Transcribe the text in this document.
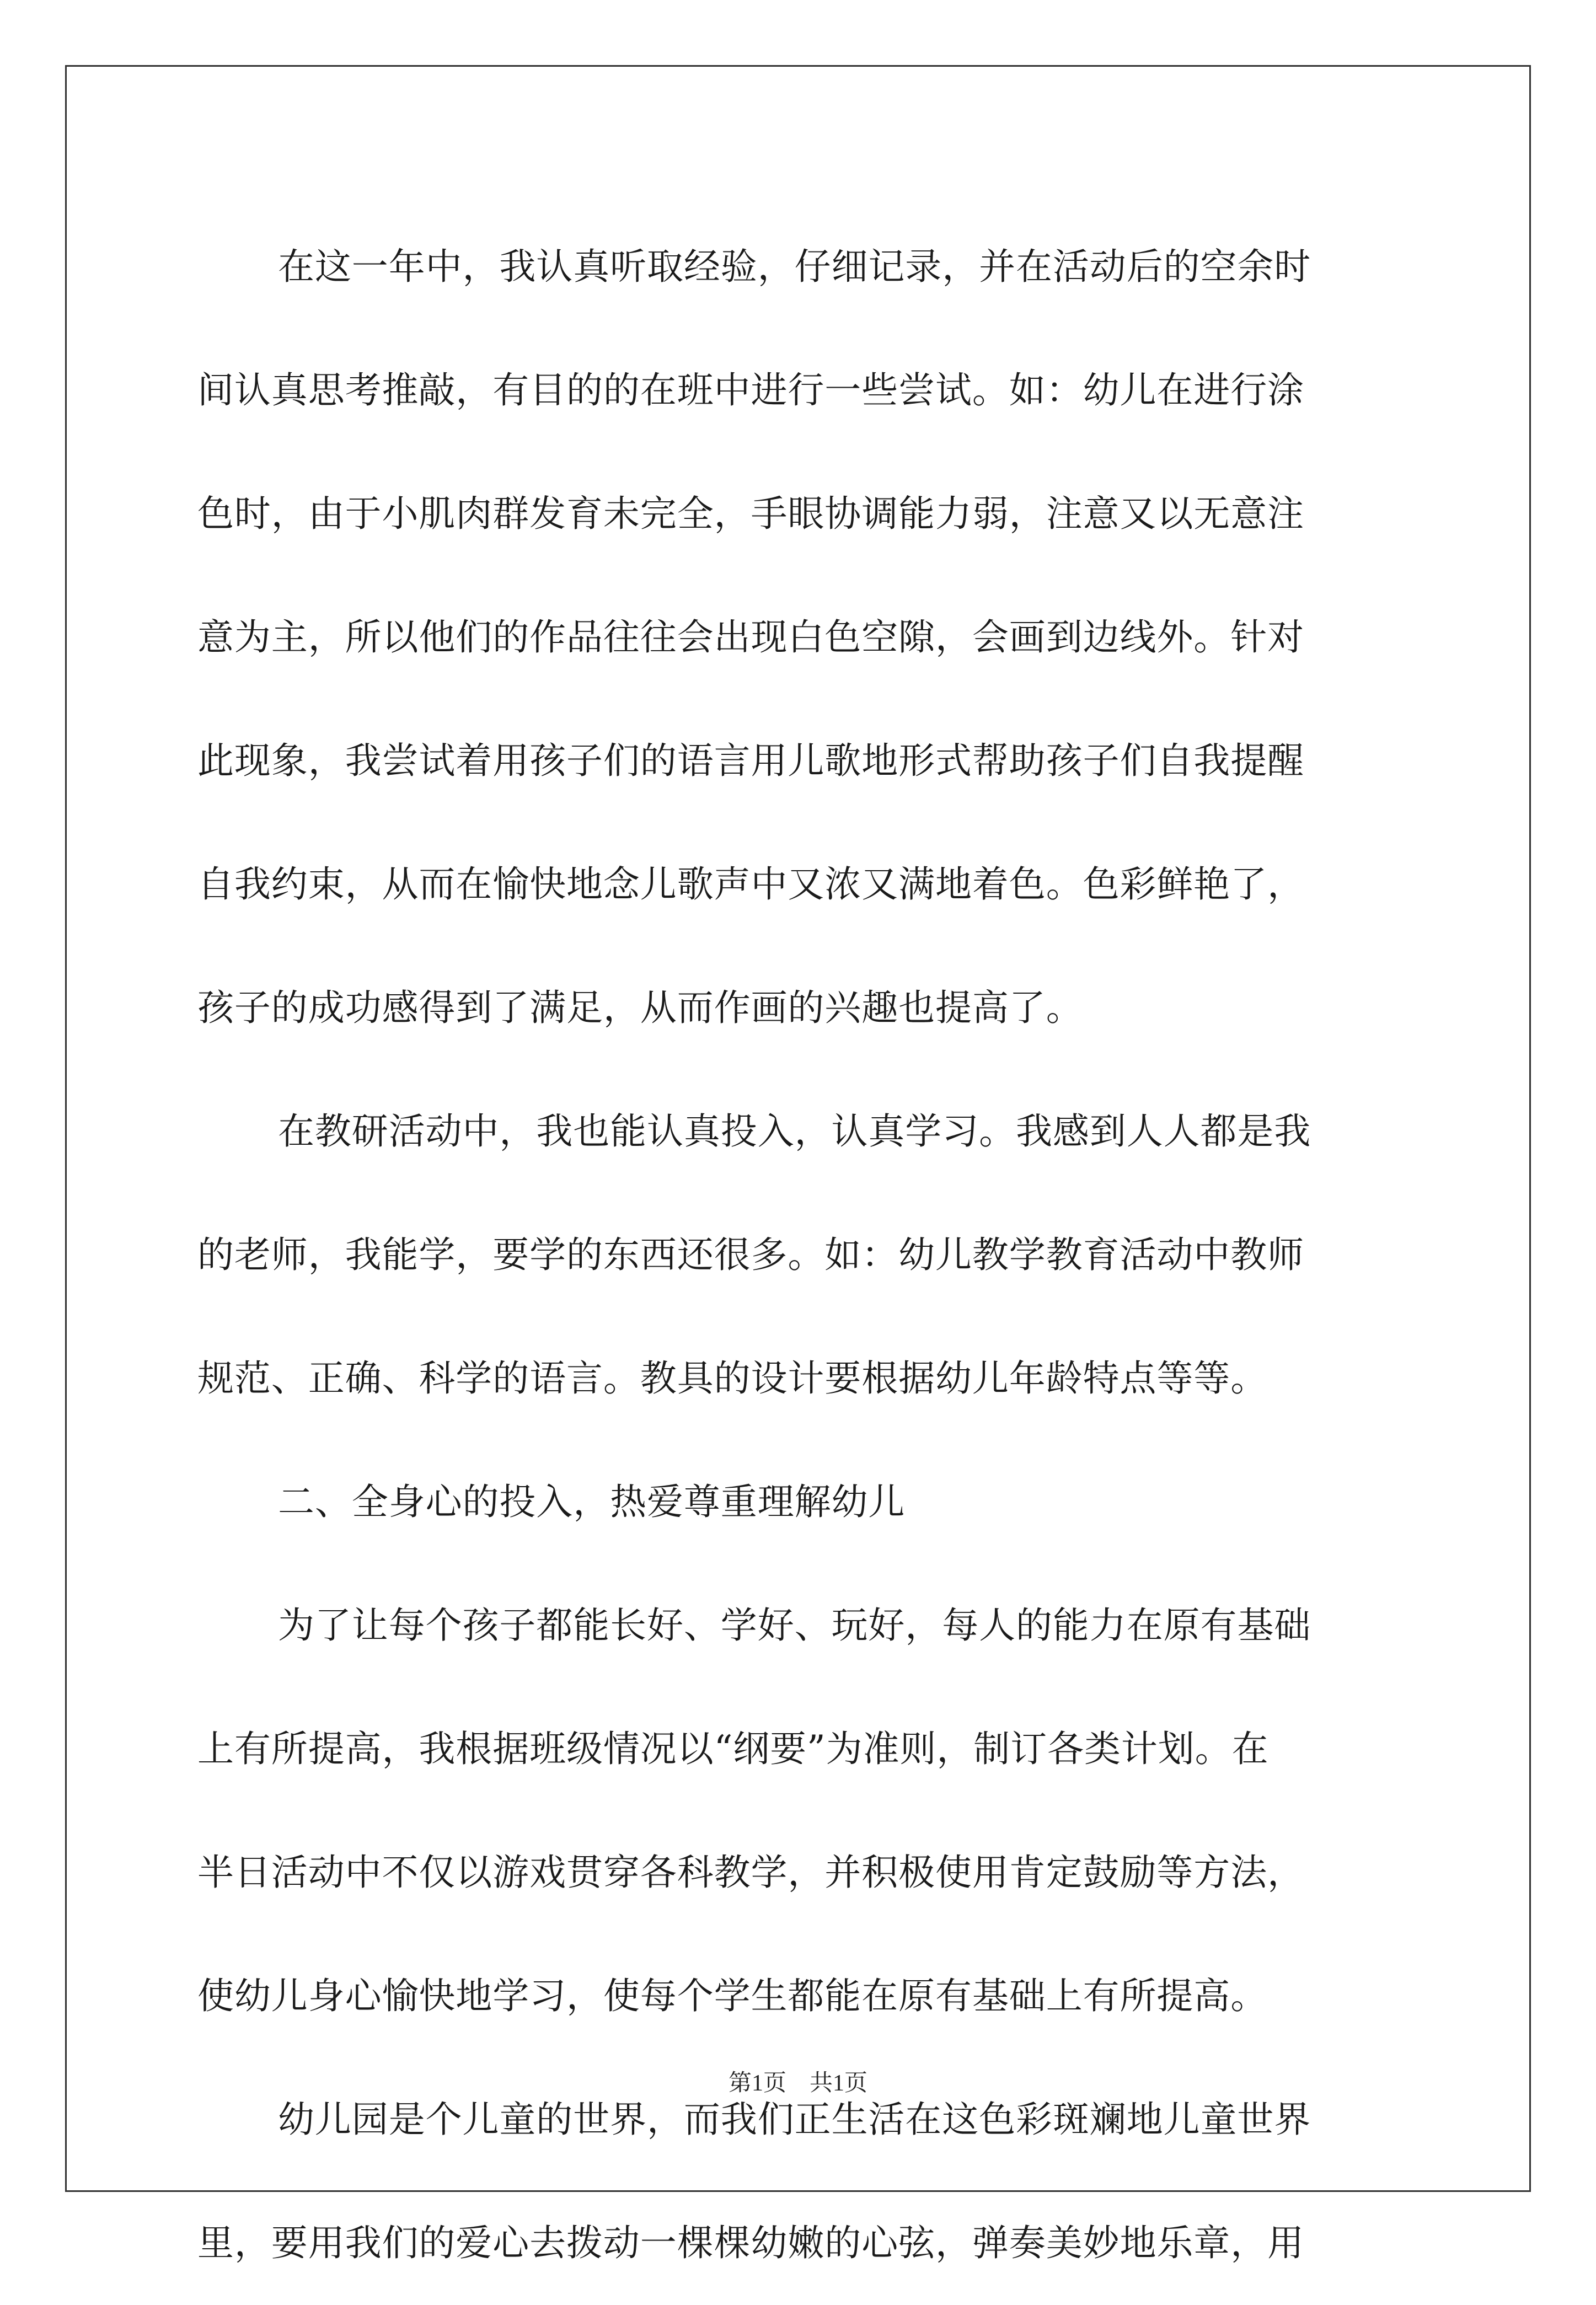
在这一年中，我认真听取经验，仔细记录，并在活动后的空余时
间认真思考推敲，有目的的在班中进行一些尝试。如：幼儿在进行涂
色时，由于小肌肉群发育未完全，手眼协调能力弱，注意又以无意注
意为主，所以他们的作品往往会出现白色空隙，会画到边线外。针对
此现象，我尝试着用孩子们的语言用儿歌地形式帮助孩子们自我提醒
自我约束，从而在愉快地念儿歌声中又浓又满地着色。色彩鲜艳了，
孩子的成功感得到了满足，从而作画的兴趣也提高了。
在教研活动中，我也能认真投入，认真学习。我感到人人都是我
的老师，我能学，要学的东西还很多。如：幼儿教学教育活动中教师
规范、正确、科学的语言。教具的设计要根据幼儿年龄特点等等。
二、全身心的投入，热爱尊重理解幼儿
为了让每个孩子都能长好、学好、玩好，每人的能力在原有基础
上有所提高，我根据班级情况以“纲要”为准则，制订各类计划。在
半日活动中不仅以游戏贯穿各科教学，并积极使用肯定鼓励等方法，
使幼儿身心愉快地学习，使每个学生都能在原有基础上有所提高。
幼儿园是个儿童的世界，而我们正生活在这色彩斑斓地儿童世界
里，要用我们的爱心去拨动一棵棵幼嫩的心弦，弹奏美妙地乐章，用
第1页　共1页
